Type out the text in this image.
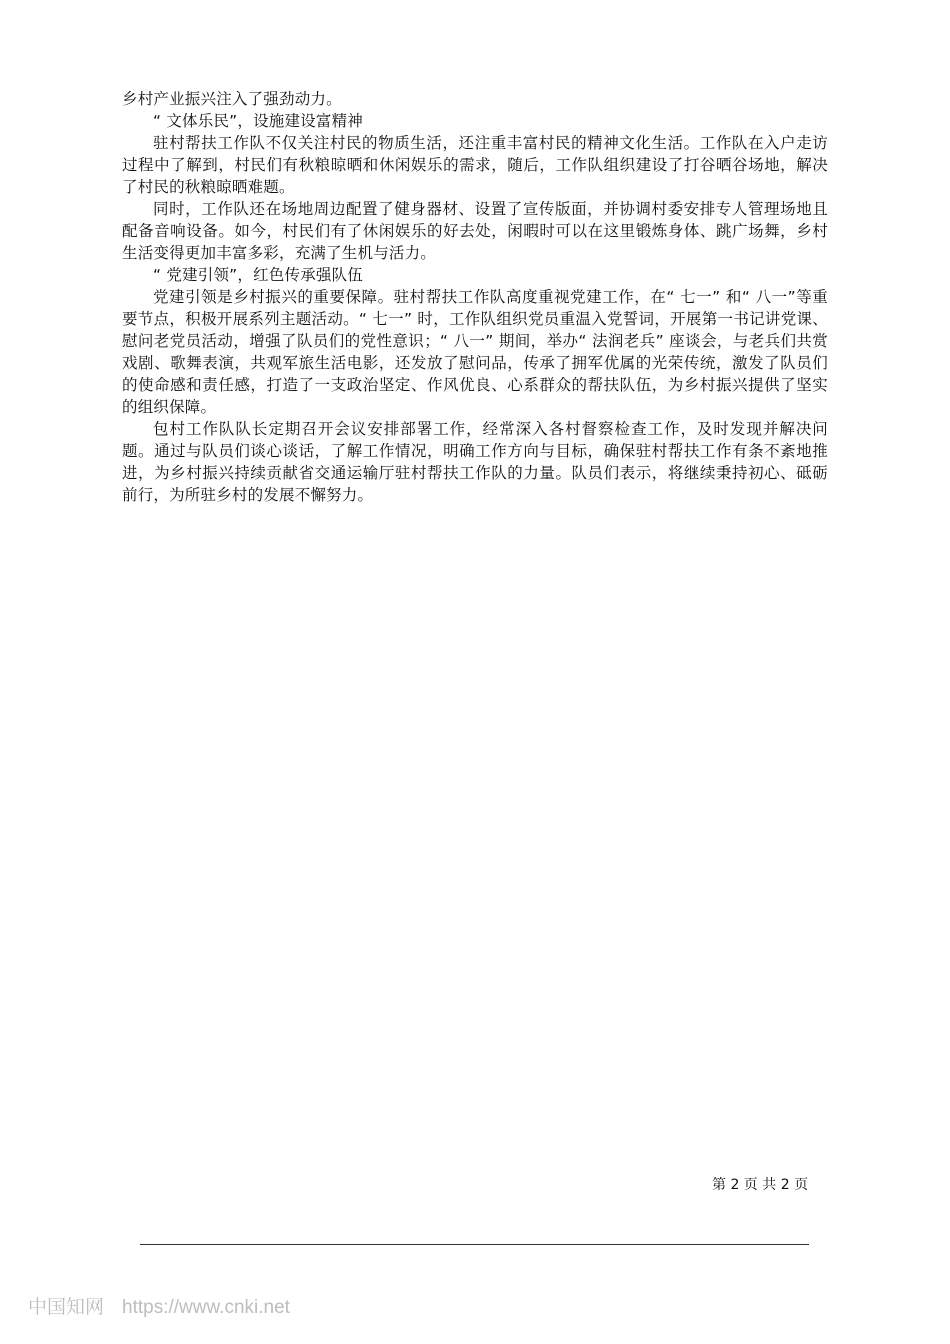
乡村产业振兴注入了强劲动力。

“ 文体乐民”，设施建设富精神

驻村帮扶工作队不仅关注村民的物质生活，还注重丰富村民的精神文化生活。工作队在入户走访过程中了解到，村民们有秋粮晾晒和休闲娱乐的需求，随后，工作队组织建设了打谷晒谷场地，解决了村民的秋粮晾晒难题。

同时，工作队还在场地周边配置了健身器材、设置了宣传版面，并协调村委安排专人管理场地且配备音响设备。如今，村民们有了休闲娱乐的好去处，闲暇时可以在这里锻炼身体、跳广场舞，乡村生活变得更加丰富多彩，充满了生机与活力。

“ 党建引领”，红色传承强队伍

党建引领是乡村振兴的重要保障。驻村帮扶工作队高度重视党建工作，在“ 七一” 和“ 八一”等重要节点，积极开展系列主题活动。“ 七一” 时，工作队组织党员重温入党誓词，开展第一书记讲党课、慰问老党员活动，增强了队员们的党性意识；“ 八一” 期间，举办“ 法润老兵” 座谈会，与老兵们共赏戏剧、歌舞表演，共观军旅生活电影，还发放了慰问品，传承了拥军优属的光荣传统，激发了队员们的使命感和责任感，打造了一支政治坚定、作风优良、心系群众的帮扶队伍，为乡村振兴提供了坚实的组织保障。

包村工作队队长定期召开会议安排部署工作，经常深入各村督察检查工作，及时发现并解决问题。通过与队员们谈心谈话，了解工作情况，明确工作方向与目标，确保驻村帮扶工作有条不紊地推进，为乡村振兴持续贡献省交通运输厅驻村帮扶工作队的力量。队员们表示，将继续秉持初心、砥砺前行，为所驻乡村的发展不懈努力。

第 2 页 共 2 页
中国知网 https://www.cnki.net
